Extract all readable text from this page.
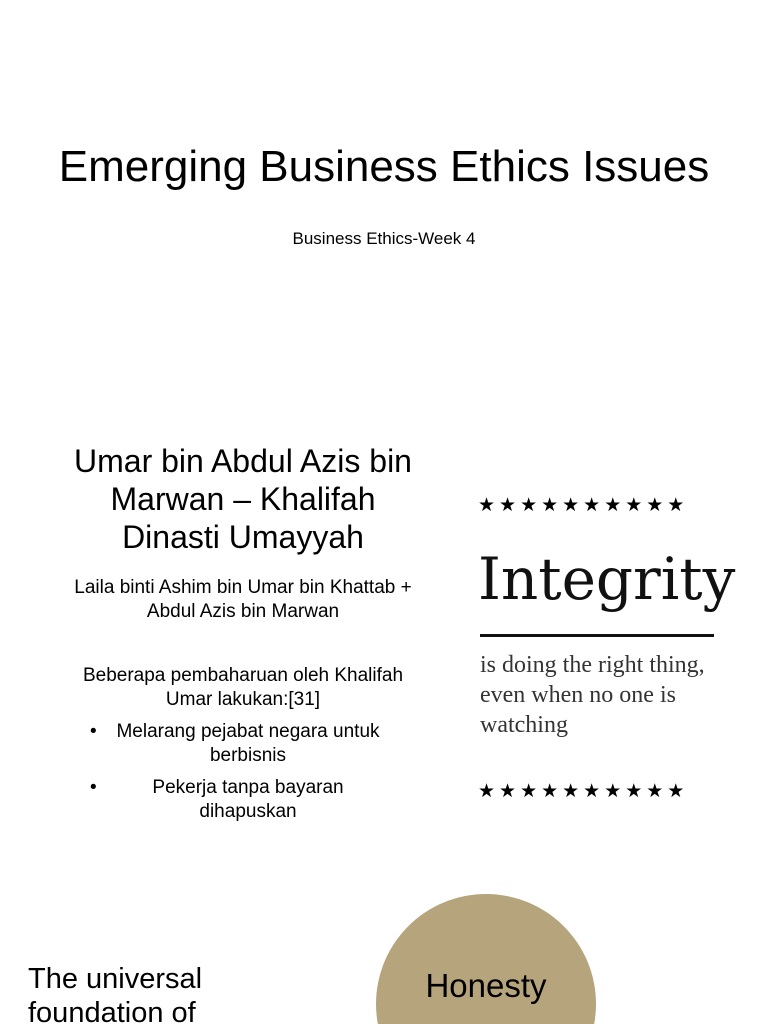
Emerging Business Ethics Issues
Business Ethics-Week 4
Umar bin Abdul Azis bin Marwan – Khalifah Dinasti Umayyah

Laila binti Ashim bin Umar bin Khattab + Abdul Azis bin Marwan

Beberapa pembaharuan oleh Khalifah Umar lakukan:[31]

• Melarang pejabat negara untuk berbisnis
•	Pekerja tanpa bayaran dihapuskan
★★★★★★★★★★
Integrity
is doing the right thing, even when no one is watching
★★★★★★★★★★
The universal foundation of
Honesty
